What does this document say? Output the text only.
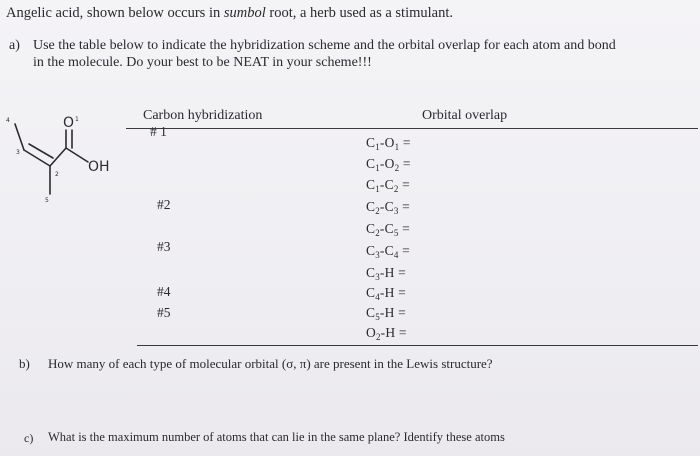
Angelic acid, shown below occurs in sumbol root, a herb used as a stimulant.
a) Use the table below to indicate the hybridization scheme and the orbital overlap for each atom and bond
in the molecule. Do your best to be NEAT in your scheme!!!
O 1
OH
4
3
2
5
Carbon hybridization	Orbital overlap
# 1
#2
#3
#4
#5
$C_1-O_1$ =
$C_1-O_2$ =
$C_1-C_2$ =
$C_2-C_3$ =
$C_2-C_5$ =
$C_3-C_4$ =
$C_3-H$ =
$C_4-H$ =
$C_5-H$ =
$O_2-H$ =
b) How many of each type of molecular orbital (σ, π) are present in the Lewis structure?
c) What is the maximum number of atoms that can lie in the same plane? Identify these atoms
